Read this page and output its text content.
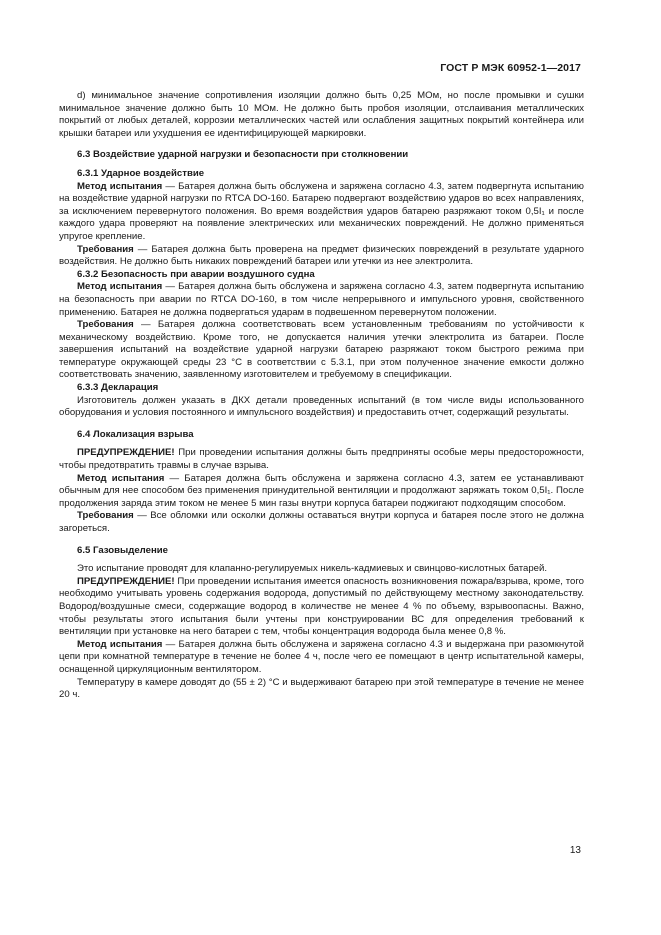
ГОСТ Р МЭК 60952-1—2017

d) минимальное значение сопротивления изоляции должно быть 0,25 МОм, но после промывки и сушки минимальное значение должно быть 10 МОм. Не должно быть пробоя изоляции, отслаивания металлических покрытий от любых деталей, коррозии металлических частей или ослабления защитных покрытий контейнера или крышки батареи или ухудшения ее идентифицирующей маркировки.

6.3 Воздействие ударной нагрузки и безопасности при столкновении

6.3.1 Ударное воздействие

Метод испытания — Батарея должна быть обслужена и заряжена согласно 4.3, затем подвергнута испытанию на воздействие ударной нагрузки по RTCA DO-160. Батарею подвергают воздействию ударов во всех направлениях, за исключением перевернутого положения. Во время воздействия ударов батарею разряжают током 0,5I₁ и после каждого удара проверяют на появление электрических или механических повреждений. Не должно применяться упругое крепление.

Требования — Батарея должна быть проверена на предмет физических повреждений в результате ударного воздействия. Не должно быть никаких повреждений батареи или утечки из нее электролита.

6.3.2 Безопасность при аварии воздушного судна

Метод испытания — Батарея должна быть обслужена и заряжена согласно 4.3, затем подвергнута испытанию на безопасность при аварии по RTCA DO-160, в том числе непрерывного и импульсного уровня, свойственного применению. Батарея не должна подвергаться ударам в подвешенном перевернутом положении.

Требования — Батарея должна соответствовать всем установленным требованиям по устойчивости к механическому воздействию. Кроме того, не допускается наличия утечки электролита из батареи. После завершения испытаний на воздействие ударной нагрузки батарею разряжают током быстрого режима при температуре окружающей среды 23 °С в соответствии с 5.3.1, при этом полученное значение емкости должно соответствовать значению, заявленному изготовителем и требуемому в спецификации.

6.3.3 Декларация

Изготовитель должен указать в ДКХ детали проведенных испытаний (в том числе виды использованного оборудования и условия постоянного и импульсного воздействия) и предоставить отчет, содержащий результаты.

6.4 Локализация взрыва

ПРЕДУПРЕЖДЕНИЕ! При проведении испытания должны быть предприняты особые меры предосторожности, чтобы предотвратить травмы в случае взрыва.

Метод испытания — Батарея должна быть обслужена и заряжена согласно 4.3, затем ее устанавливают обычным для нее способом без применения принудительной вентиляции и продолжают заряжать током 0,5I₁. После продолжения заряда этим током не менее 5 мин газы внутри корпуса батареи поджигают подходящим способом.

Требования — Все обломки или осколки должны оставаться внутри корпуса и батарея после этого не должна загореться.

6.5 Газовыделение

Это испытание проводят для клапанно-регулируемых никель-кадмиевых и свинцово-кислотных батарей.

ПРЕДУПРЕЖДЕНИЕ! При проведении испытания имеется опасность возникновения пожара/взрыва, кроме, того необходимо учитывать уровень содержания водорода, допустимый по действующему местному законодательству. Водород/воздушные смеси, содержащие водород в количестве не менее 4 % по объему, взрывоопасны. Важно, чтобы результаты этого испытания были учтены при конструировании ВС для определения требований к вентиляции при установке на него батареи с тем, чтобы концентрация водорода была менее 0,8 %.

Метод испытания — Батарея должна быть обслужена и заряжена согласно 4.3 и выдержана при разомкнутой цепи при комнатной температуре в течение не более 4 ч, после чего ее помещают в центр испытательной камеры, оснащенной циркуляционным вентилятором.

Температуру в камере доводят до (55 ± 2) °С и выдерживают батарею при этой температуре в течение не менее 20 ч.

13
